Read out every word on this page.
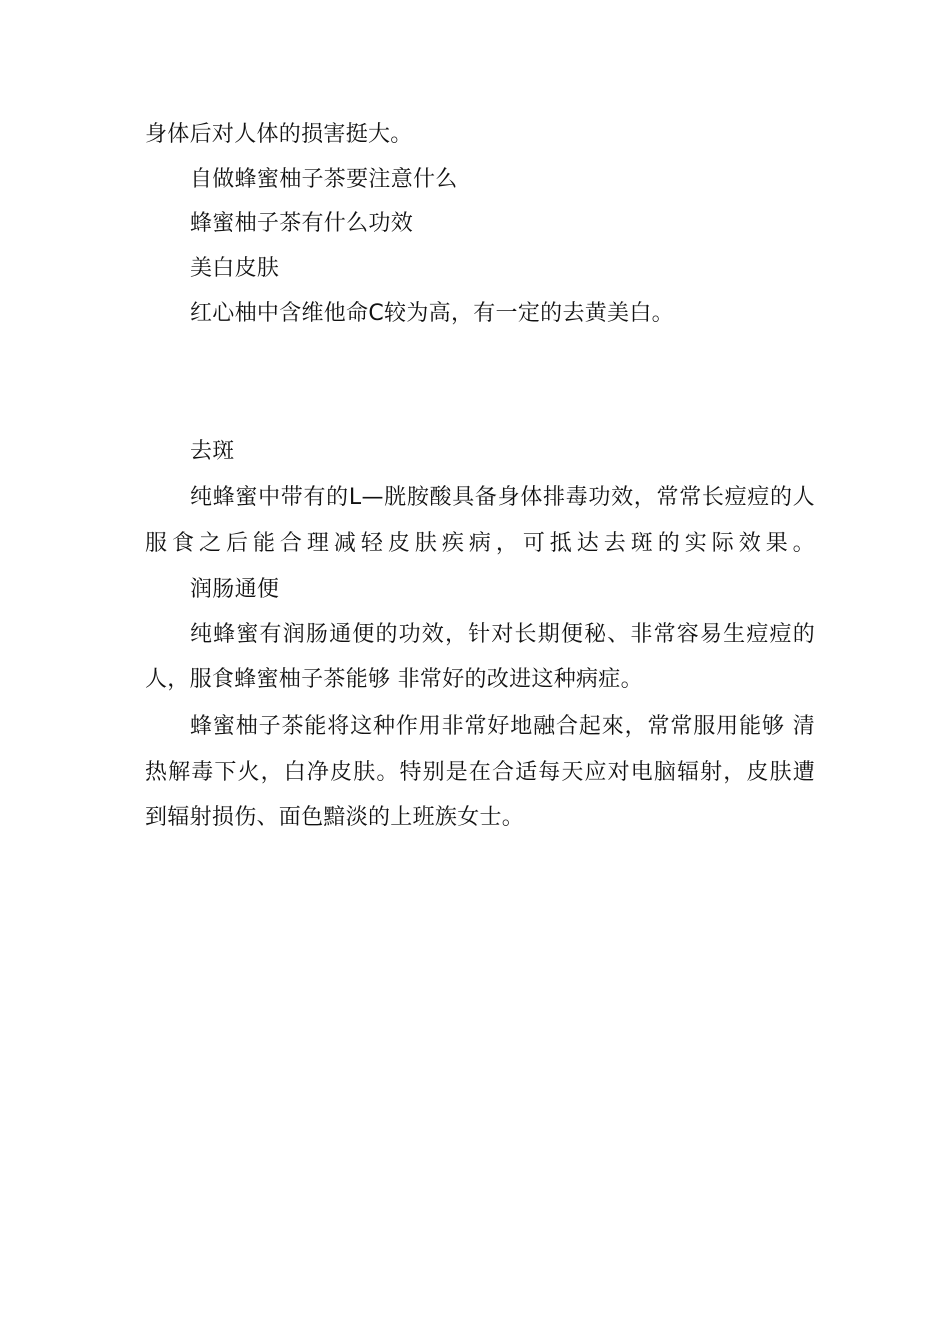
身体后对人体的损害挺大。
自做蜂蜜柚子茶要注意什么
蜂蜜柚子茶有什么功效
美白皮肤
红心柚中含维他命C较为高，有一定的去黄美白。
去斑
纯蜂蜜中带有的L—胱胺酸具备身体排毒功效，常常长痘痘的人
服食之后能合理减轻皮肤疾病，可抵达去斑的实际效果。
润肠通便
纯蜂蜜有润肠通便的功效，针对长期便秘、非常容易生痘痘的
人，服食蜂蜜柚子茶能够 非常好的改进这种病症。
蜂蜜柚子茶能将这种作用非常好地融合起來，常常服用能够 清
热解毒下火，白净皮肤。特别是在合适每天应对电脑辐射，皮肤遭
到辐射损伤、面色黯淡的上班族女士。
